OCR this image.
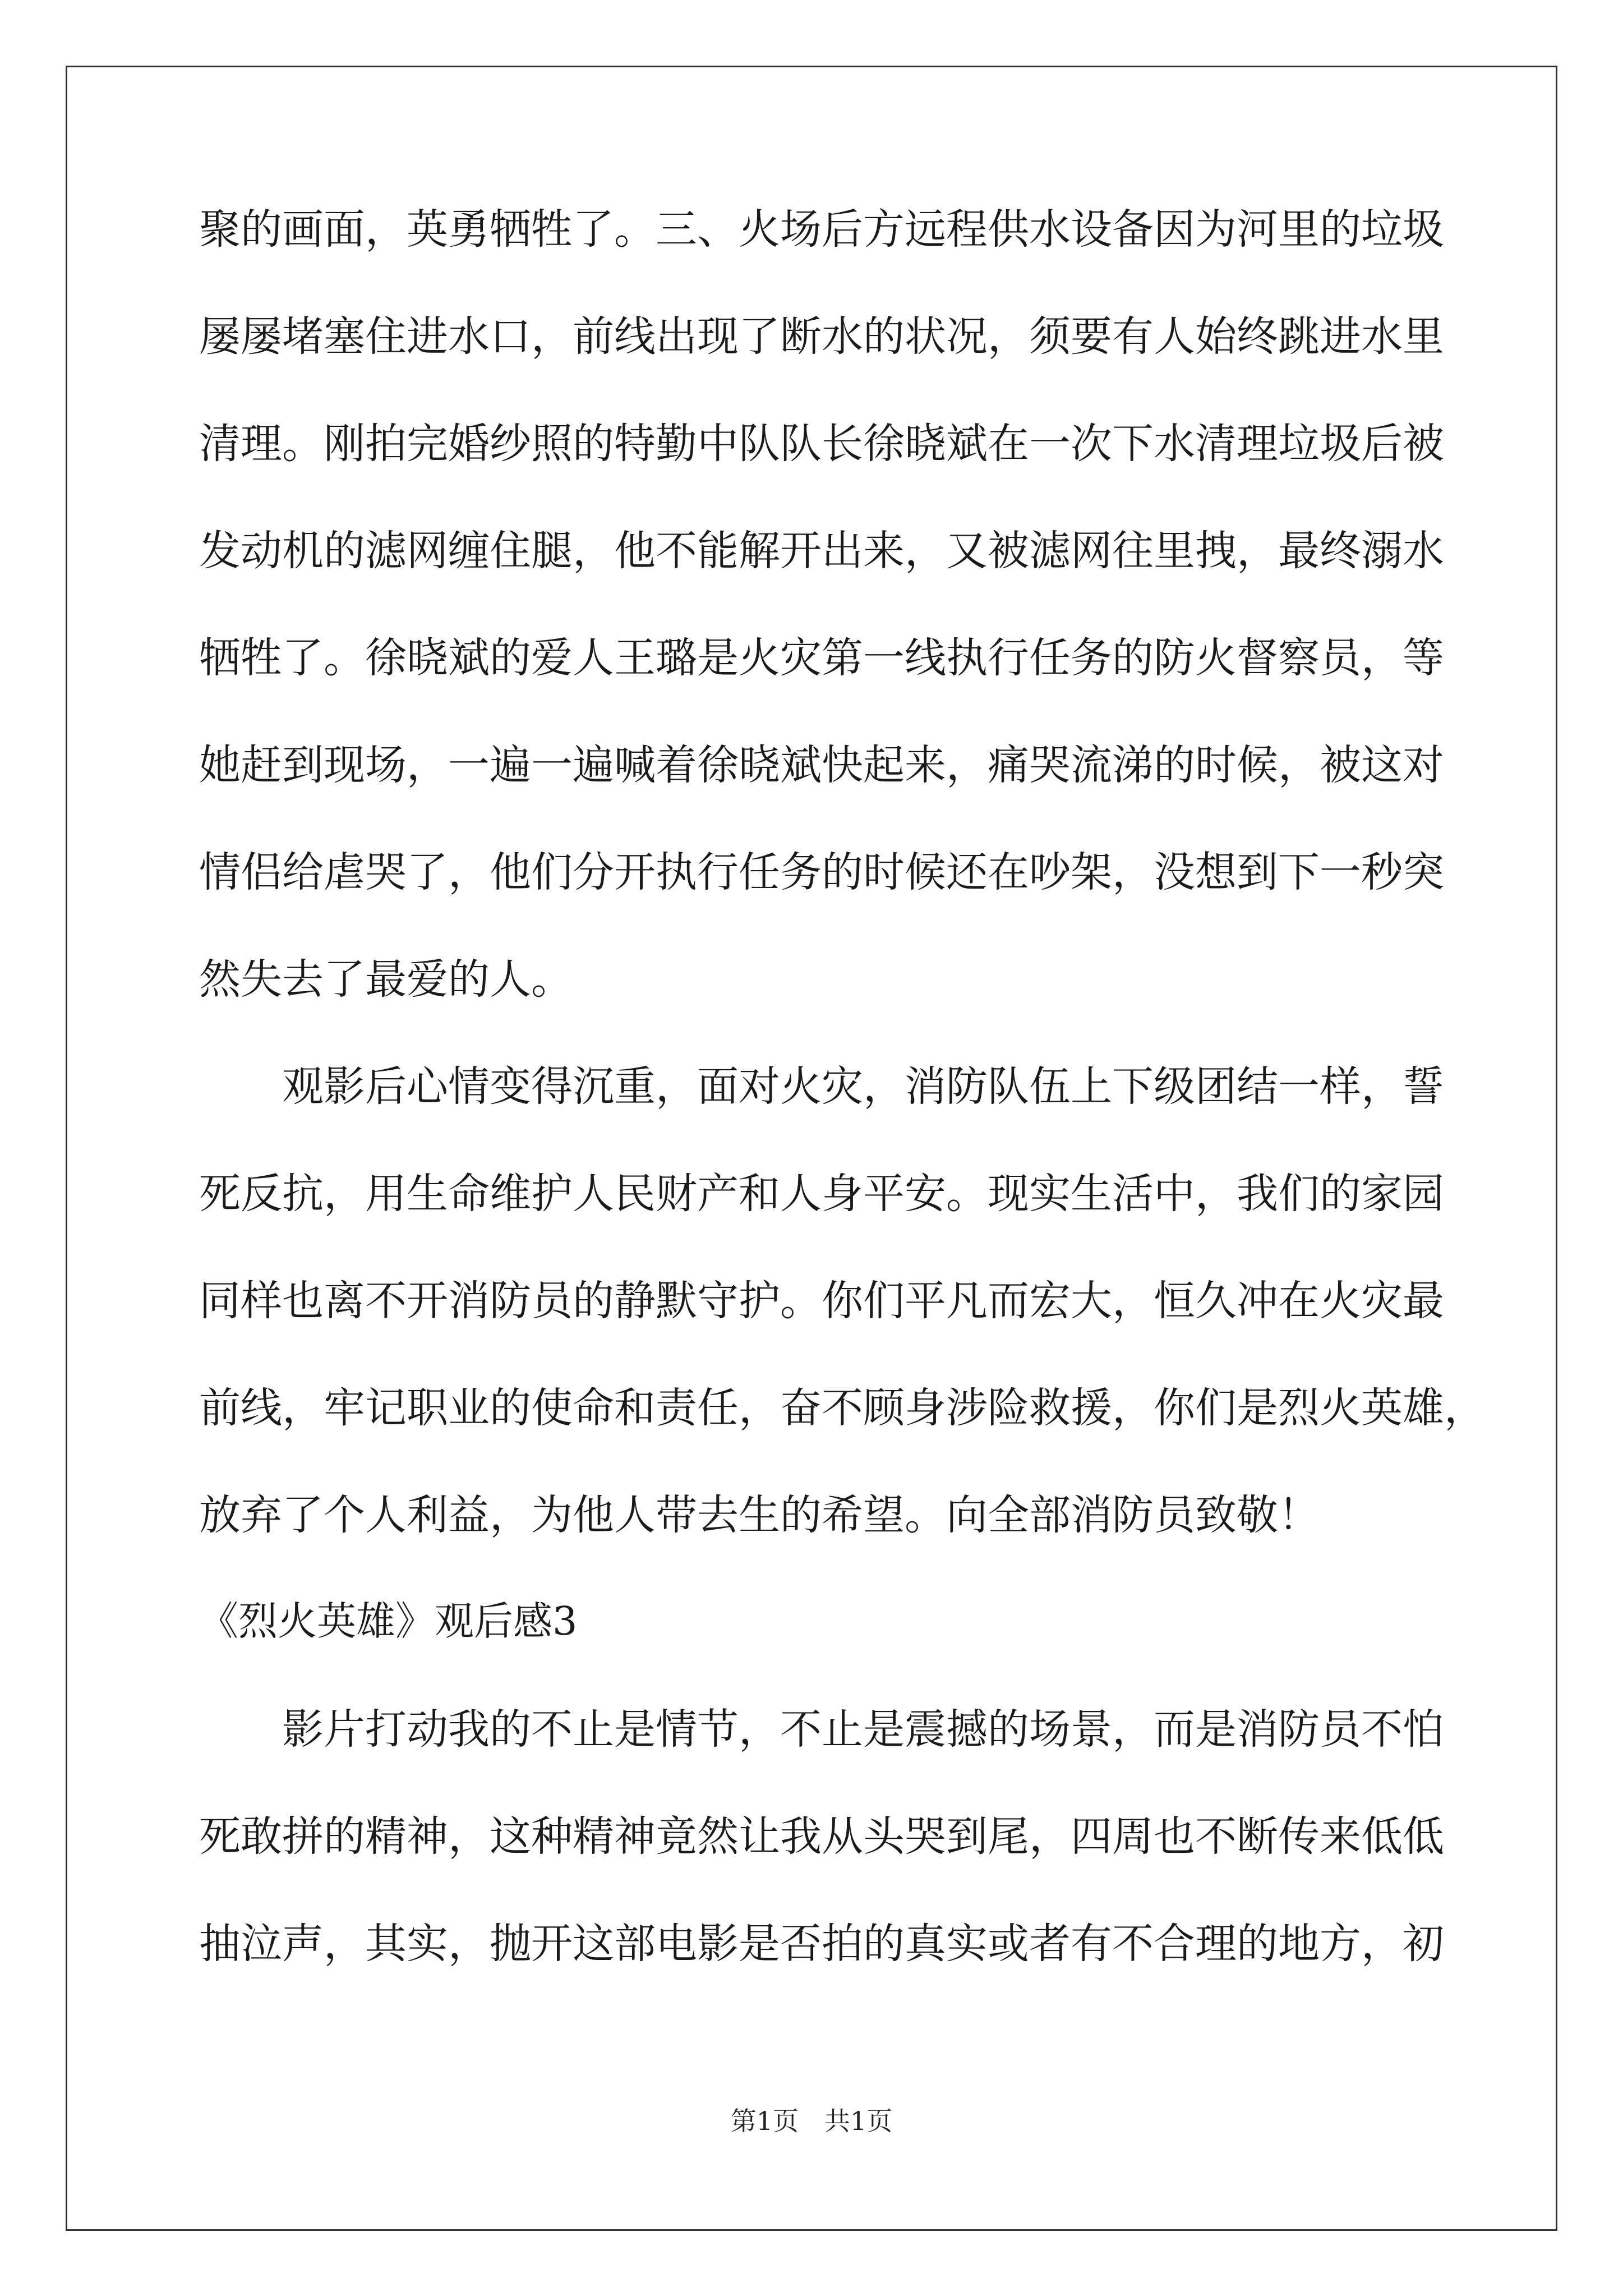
聚的画面，英勇牺牲了。三、火场后方远程供水设备因为河里的垃圾
屡屡堵塞住进水口，前线出现了断水的状况，须要有人始终跳进水里
清理。刚拍完婚纱照的特勤中队队长徐晓斌在一次下水清理垃圾后被
发动机的滤网缠住腿，他不能解开出来，又被滤网往里拽，最终溺水
牺牲了。徐晓斌的爱人王璐是火灾第一线执行任务的防火督察员，等
她赶到现场，一遍一遍喊着徐晓斌快起来，痛哭流涕的时候，被这对
情侣给虐哭了，他们分开执行任务的时候还在吵架，没想到下一秒突
然失去了最爱的人。
观影后心情变得沉重，面对火灾，消防队伍上下级团结一样，誓
死反抗，用生命维护人民财产和人身平安。现实生活中，我们的家园
同样也离不开消防员的静默守护。你们平凡而宏大，恒久冲在火灾最
前线，牢记职业的使命和责任，奋不顾身涉险救援，你们是烈火英雄，
放弃了个人利益，为他人带去生的希望。向全部消防员致敬！
《烈火英雄》观后感3
影片打动我的不止是情节，不止是震撼的场景，而是消防员不怕
死敢拼的精神，这种精神竟然让我从头哭到尾，四周也不断传来低低
抽泣声，其实，抛开这部电影是否拍的真实或者有不合理的地方，初
第1页　共1页
